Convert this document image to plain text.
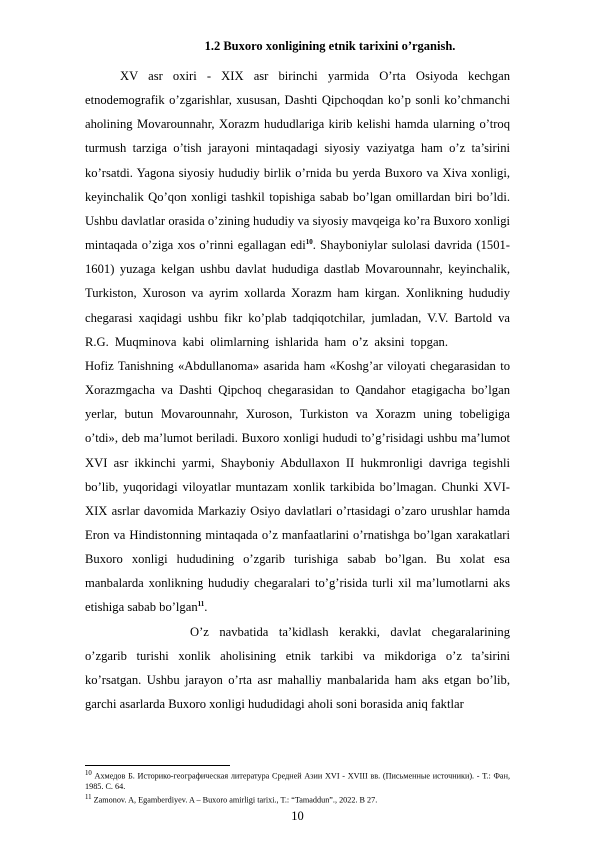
1.2 Buxoro xonligining etnik tarixini o’rganish.

XV asr oxiri - XIX asr birinchi yarmida O’rta Osiyoda kechgan etnodemografik o’zgarishlar, xususan, Dashti Qipchoqdan ko’p sonli ko’chmanchi aholining Movarounnahr, Xorazm hududlariga kirib kelishi hamda ularning o’troq turmush tarziga o’tish jarayoni mintaqadagi siyosiy vaziyatga ham o’z ta’sirini ko’rsatdi. Yagona siyosiy hududiy birlik o’rnida bu yerda Buxoro va Xiva xonligi, keyinchalik Qo’qon xonligi tashkil topishiga sabab bo’lgan omillardan biri bo’ldi. Ushbu davlatlar orasida o’zining hududiy va siyosiy mavqeiga ko’ra Buxoro xonligi mintaqada o’ziga xos o’rinni egallagan edi$^{10}$. Shayboniylar sulolasi davrida (1501-1601) yuzaga kelgan ushbu davlat hududiga dastlab Movarounnahr, keyinchalik, Turkiston, Xuroson va ayrim xollarda Xorazm ham kirgan. Xonlikning hududiy chegarasi xaqidagi ushbu fikr ko’plab tadqiqotchilar, jumladan, V.V. Bartold va R.G. Muqminova kabi olimlarning ishlarida ham o’z aksini topgan.Hofiz Tanishning «Abdullanoma» asarida ham «Koshg’ar viloyati chegarasidan to Xorazmgacha va Dashti Qipchoq chegarasidan to Qandahor etagigacha bo’lgan yerlar, butun Movarounnahr, Xuroson, Turkiston va Xorazm uning tobeligiga o’tdi», deb ma’lumot beriladi. Buxoro xonligi hududi to’g’risidagi ushbu ma’lumot XVI asr ikkinchi yarmi, Shayboniy Abdullaxon II hukmronligi davriga tegishli bo’lib, yuqoridagi viloyatlar muntazam xonlik tarkibida bo’lmagan. Chunki XVI-XIX asrlar davomida Markaziy Osiyo davlatlari o’rtasidagi o’zaro urushlar hamda Eron va Hindistonning mintaqada o’z manfaatlarini o’rnatishga bo’lgan xarakatlari Buxoro xonligi hududining o’zgarib turishiga sabab bo’lgan. Bu xolat esa manbalarda xonlikning hududiy chegaralari to’g’risida turli xil ma’lumotlarni aks etishiga sabab bo’lgan$^{11}$.

O’z navbatida ta’kidlash kerakki, davlat chegaralarining o’zgarib turishi xonlik aholisining etnik tarkibi va mikdoriga o’z ta’sirini ko’rsatgan. Ushbu jarayon o’rta asr mahalliy manbalarida ham aks etgan bo’lib, garchi asarlarda Buxoro xonligi hududidagi aholi soni borasida aniq faktlar

$^{10}$ Ахмедов Б. Историко-географическая литература Средней Азии XVI - XVIII вв. (Письменные источники). - Т.: Фан, 1985. С. 64.

$^{11}$ Zamonov. A, Egamberdiyev. A – Buxoro amirligi tarixi., T.: “Tamaddun”., 2022. B 27.

10
